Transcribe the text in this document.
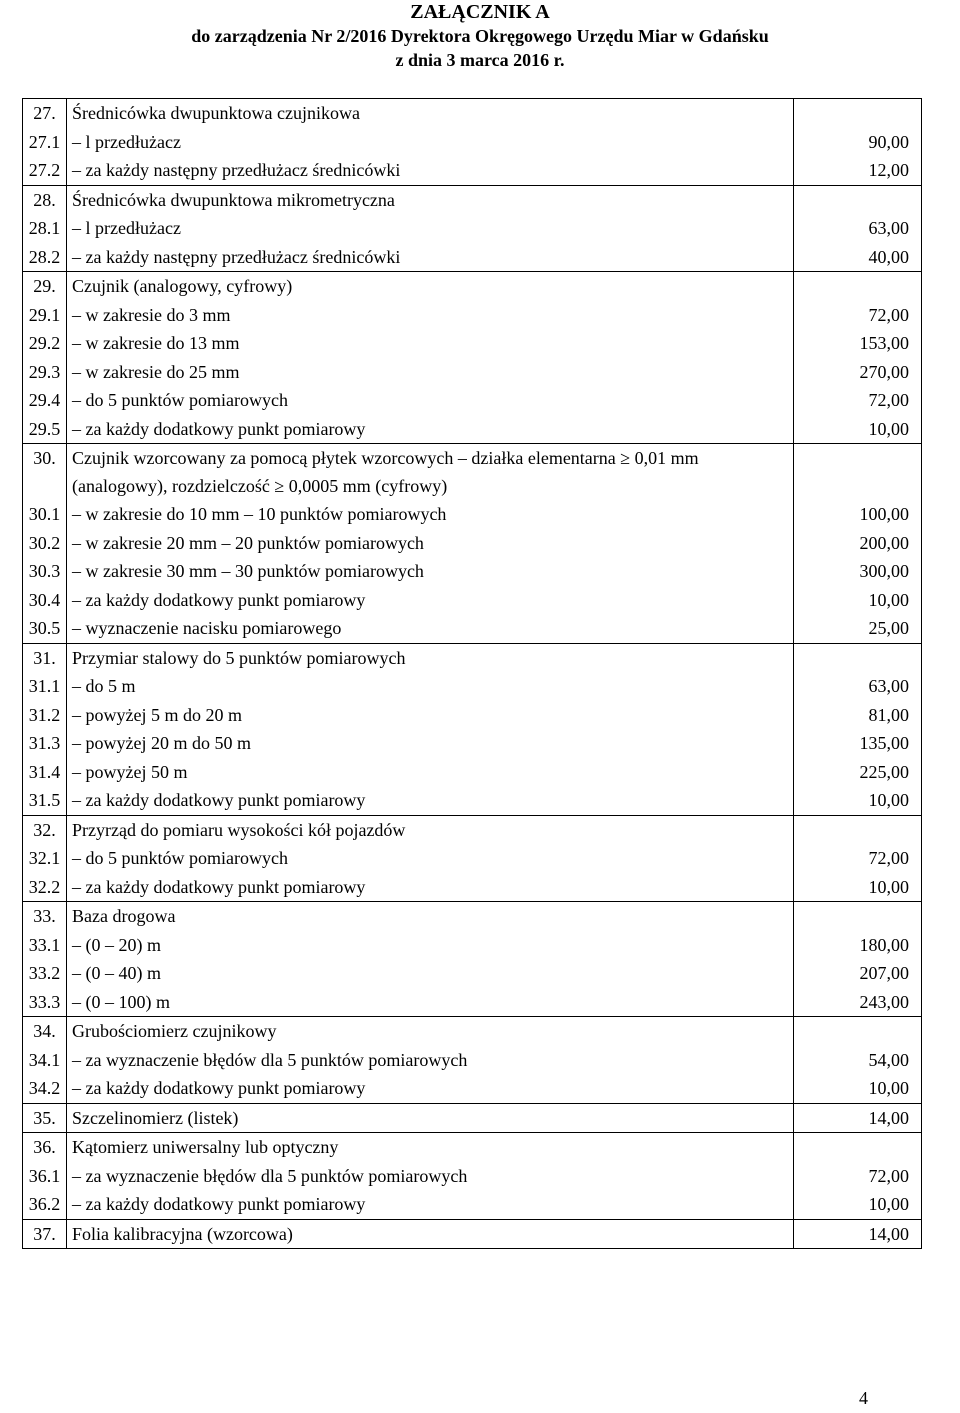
ZAŁĄCZNIK A
do zarządzenia Nr 2/2016 Dyrektora Okręgowego Urzędu Miar w Gdańsku
z dnia 3 marca 2016 r.
27.	Średnicówka dwupunktowa czujnikowa	
27.1	– l przedłużacz	90,00
27.2	– za każdy następny przedłużacz średnicówki	12,00
28.	Średnicówka dwupunktowa mikrometryczna	
28.1	– l przedłużacz	63,00
28.2	– za każdy następny przedłużacz średnicówki	40,00
29.	Czujnik (analogowy, cyfrowy)	
29.1	– w zakresie do 3 mm	72,00
29.2	– w zakresie do 13 mm	153,00
29.3	– w zakresie do 25 mm	270,00
29.4	– do 5 punktów pomiarowych	72,00
29.5	– za każdy dodatkowy punkt pomiarowy	10,00
30.	Czujnik wzorcowany za pomocą płytek wzorcowych – działka elementarna ≥ 0,01 mm (analogowy), rozdzielczość ≥ 0,0005 mm (cyfrowy)	
30.1	– w zakresie do 10 mm – 10 punktów pomiarowych	100,00
30.2	– w zakresie 20 mm – 20 punktów pomiarowych	200,00
30.3	– w zakresie 30 mm – 30 punktów pomiarowych	300,00
30.4	– za każdy dodatkowy punkt pomiarowy	10,00
30.5	– wyznaczenie nacisku pomiarowego	25,00
31.	Przymiar stalowy do 5 punktów pomiarowych	
31.1	– do 5 m	63,00
31.2	– powyżej 5 m do 20 m	81,00
31.3	– powyżej 20 m do 50 m	135,00
31.4	– powyżej 50 m	225,00
31.5	– za każdy dodatkowy punkt pomiarowy	10,00
32.	Przyrząd do pomiaru wysokości kół pojazdów	
32.1	– do 5 punktów pomiarowych	72,00
32.2	– za każdy dodatkowy punkt pomiarowy	10,00
33.	Baza drogowa	
33.1	– (0 – 20) m	180,00
33.2	– (0 – 40) m	207,00
33.3	– (0 – 100) m	243,00
34.	Grubościomierz czujnikowy	
34.1	– za wyznaczenie błędów dla 5 punktów pomiarowych	54,00
34.2	– za każdy dodatkowy punkt pomiarowy	10,00
35.	Szczelinomierz (listek)	14,00
36.	Kątomierz uniwersalny lub optyczny	
36.1	– za wyznaczenie błędów dla 5 punktów pomiarowych	72,00
36.2	– za każdy dodatkowy punkt pomiarowy	10,00
37.	Folia kalibracyjna (wzorcowa)	14,00
4
